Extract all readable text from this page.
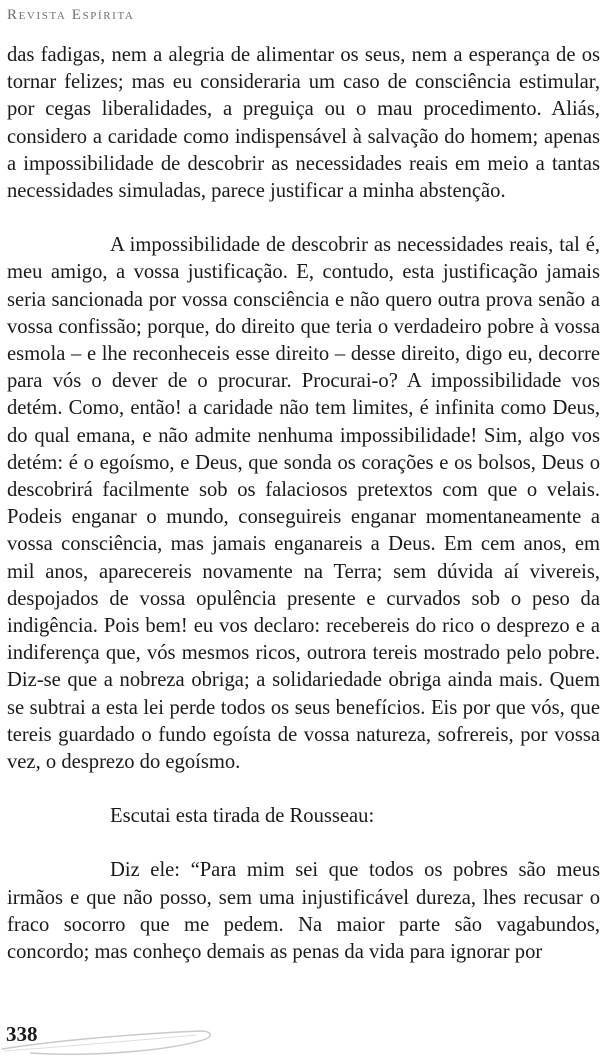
Revista Espírita

das fadigas, nem a alegria de alimentar os seus, nem a esperança de os tornar felizes; mas eu consideraria um caso de consciência estimular, por cegas liberalidades, a preguiça ou o mau procedimento. Aliás, considero a caridade como indispensável à salvação do homem; apenas a impossibilidade de descobrir as necessidades reais em meio a tantas necessidades simuladas, parece justificar a minha abstenção.

A impossibilidade de descobrir as necessidades reais, tal é, meu amigo, a vossa justificação. E, contudo, esta justificação jamais seria sancionada por vossa consciência e não quero outra prova senão a vossa confissão; porque, do direito que teria o verdadeiro pobre à vossa esmola – e lhe reconheceis esse direito – desse direito, digo eu, decorre para vós o dever de o procurar. Procurai-o? A impossibilidade vos detém. Como, então! a caridade não tem limites, é infinita como Deus, do qual emana, e não admite nenhuma impossibilidade! Sim, algo vos detém: é o egoísmo, e Deus, que sonda os corações e os bolsos, Deus o descobrirá facilmente sob os falaciosos pretextos com que o velais. Podeis enganar o mundo, conseguireis enganar momentaneamente a vossa consciência, mas jamais enganareis a Deus. Em cem anos, em mil anos, aparecereis novamente na Terra; sem dúvida aí vivereis, despojados de vossa opulência presente e curvados sob o peso da indigência. Pois bem! eu vos declaro: recebereis do rico o desprezo e a indiferença que, vós mesmos ricos, outrora tereis mostrado pelo pobre. Diz-se que a nobreza obriga; a solidariedade obriga ainda mais. Quem se subtrai a esta lei perde todos os seus benefícios. Eis por que vós, que tereis guardado o fundo egoísta de vossa natureza, sofrereis, por vossa vez, o desprezo do egoísmo.

Escutai esta tirada de Rousseau:

Diz ele: “Para mim sei que todos os pobres são meus irmãos e que não posso, sem uma injustificável dureza, lhes recusar o fraco socorro que me pedem. Na maior parte são vagabundos, concordo; mas conheço demais as penas da vida para ignorar por

338
